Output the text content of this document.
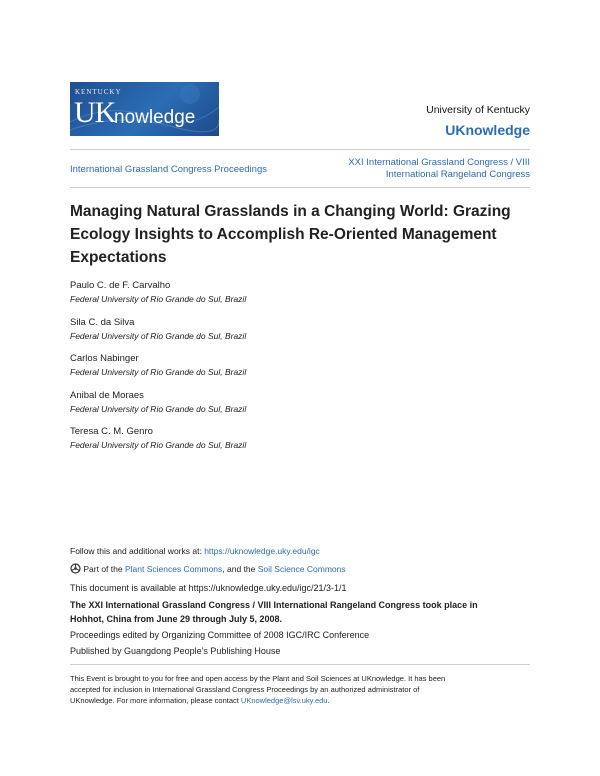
KENTUCKY
UK
nowledge	University of Kentucky
UKnowledge
International Grassland Congress Proceedings
XXI International Grassland Congress / VIII
International Rangeland Congress
Managing Natural Grasslands in a Changing World: Grazing
Ecology Insights to Accomplish Re-Oriented Management
Expectations
Paulo C. de F. Carvalho
Federal University of Rio Grande do Sul, Brazil
Sila C. da Silva
Federal University of Rio Grande do Sul, Brazil
Carlos Nabinger
Federal University of Rio Grande do Sul, Brazil
Anibal de Moraes
Federal University of Rio Grande do Sul, Brazil
Teresa C. M. Genro
Federal University of Rio Grande do Sul, Brazil
Follow this and additional works at: https://uknowledge.uky.edu/igc
Part of the Plant Sciences Commons, and the Soil Science Commons
This document is available at https://uknowledge.uky.edu/igc/21/3-1/1
The XXI International Grassland Congress / VIII International Rangeland Congress took place in
Hohhot, China from June 29 through July 5, 2008.
Proceedings edited by Organizing Committee of 2008 IGC/IRC Conference
Published by Guangdong People's Publishing House
This Event is brought to you for free and open access by the Plant and Soil Sciences at UKnowledge. It has been
accepted for inclusion in International Grassland Congress Proceedings by an authorized administrator of
UKnowledge. For more information, please contact UKnowledge@lsv.uky.edu.
